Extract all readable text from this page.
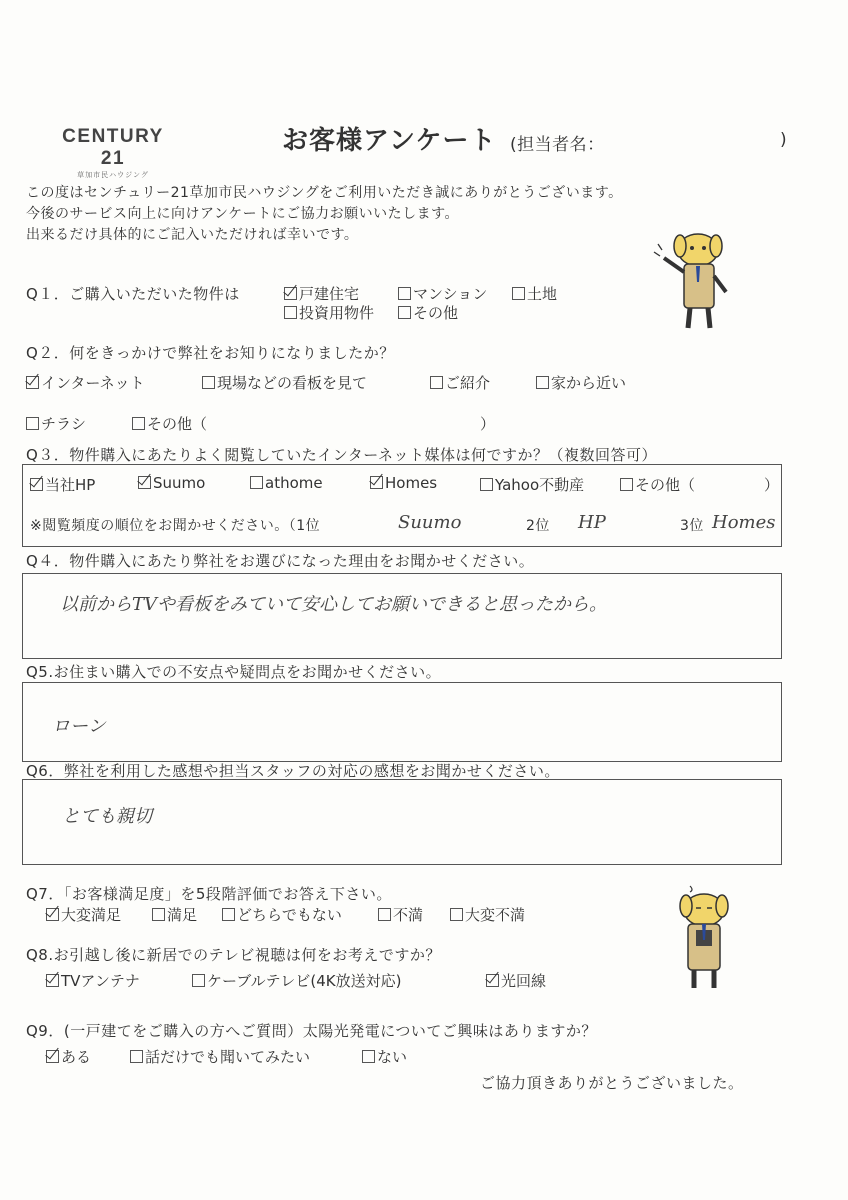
CENTURY 21
草加市民ハウジング
お客様アンケート (担当者名：	)
この度はセンチュリー21草加市民ハウジングをご利用いただき誠にありがとうございます。
今後のサービス向上に向けアンケートにご協力お願いいたします。
出来るだけ具体的にご記入いただければ幸いです。
Q１．ご購入いただいた物件は	戸建住宅	マンション	土地
投資用物件	その他
Q２．何をきっかけで弊社をお知りになりましたか？
インターネット	現場などの看板を見て	ご紹介	家から近い
チラシ	その他（	）
Q３．物件購入にあたりよく閲覧していたインターネット媒体は何ですか？（複数回答可）
当社HP	Suumo	athome	Homes	Yahoo不動産	その他（	）
※閲覧頻度の順位をお聞かせください。（1位	Suumo	2位 HP	3位 Homes
Q４．物件購入にあたり弊社をお選びになった理由をお聞かせください。
以前からTVや看板をみていて安心してお願いできると思ったから。
Q5.お住まい購入での不安点や疑問点をお聞かせください。
ローン
Q6．弊社を利用した感想や担当スタッフの対応の感想をお聞かせください。
とても親切
Q7．「お客様満足度」を5段階評価でお答え下さい。
大変満足	満足	どちらでもない	不満	大変不満
Q8.お引越し後に新居でのテレビ視聴は何をお考えですか？
TVアンテナ	ケーブルテレビ(4K放送対応)	光回線
Q9．(一戸建てをご購入の方へご質問）太陽光発電についてご興味はありますか？
ある	話だけでも聞いてみたい	ない
ご協力頂きありがとうございました。
